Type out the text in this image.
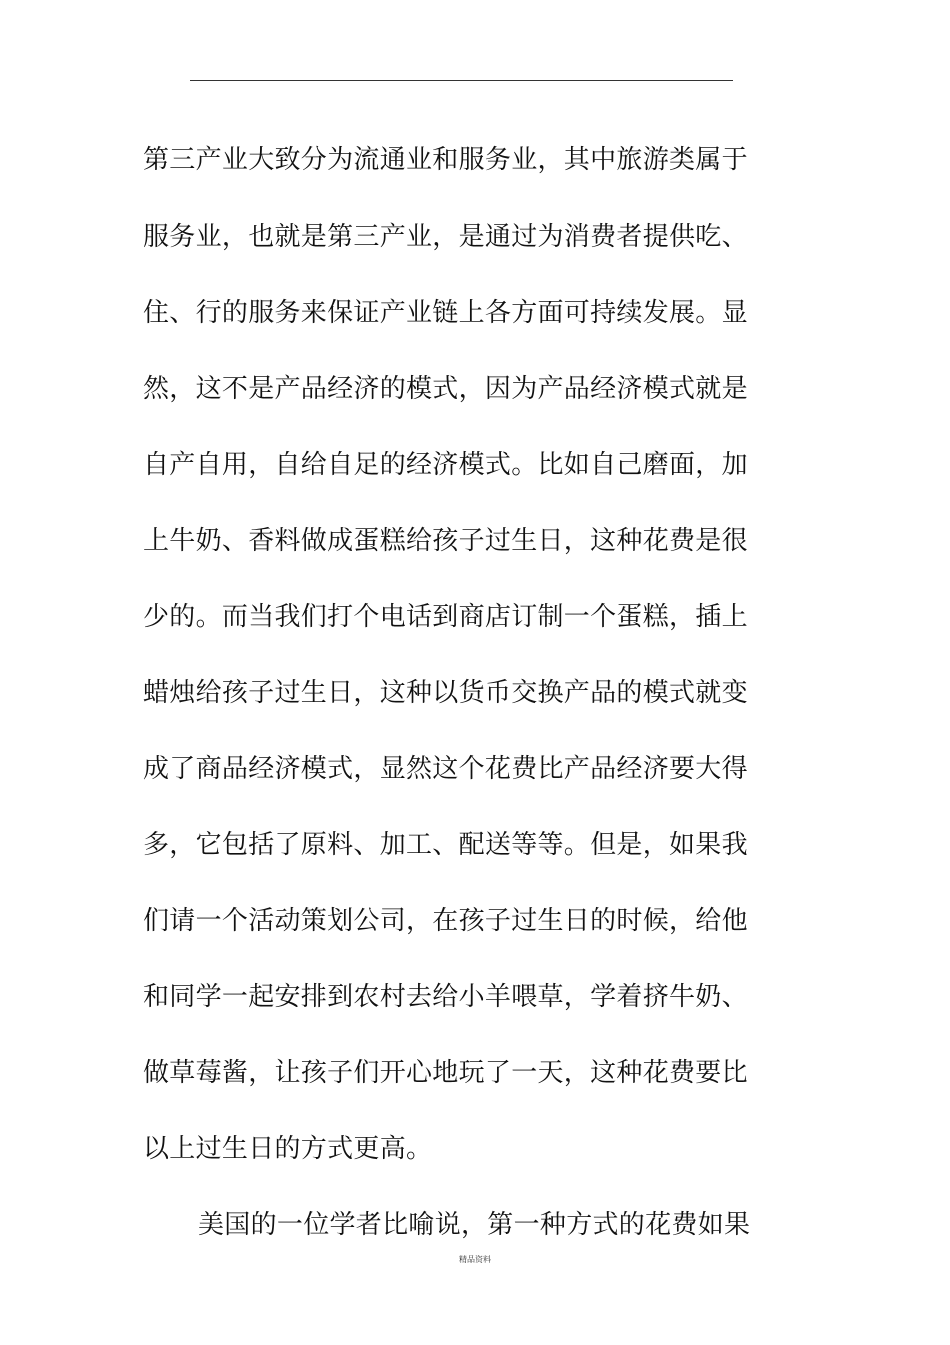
第三产业大致分为流通业和服务业，其中旅游类属于
服务业，也就是第三产业，是通过为消费者提供吃、
住、行的服务来保证产业链上各方面可持续发展。显
然，这不是产品经济的模式，因为产品经济模式就是
自产自用，自给自足的经济模式。比如自己磨面，加
上牛奶、香料做成蛋糕给孩子过生日，这种花费是很
少的。而当我们打个电话到商店订制一个蛋糕，插上
蜡烛给孩子过生日，这种以货币交换产品的模式就变
成了商品经济模式，显然这个花费比产品经济要大得
多，它包括了原料、加工、配送等等。但是，如果我
们请一个活动策划公司，在孩子过生日的时候，给他
和同学一起安排到农村去给小羊喂草，学着挤牛奶、
做草莓酱，让孩子们开心地玩了一天，这种花费要比
以上过生日的方式更高。
美国的一位学者比喻说，第一种方式的花费如果
精品资料
